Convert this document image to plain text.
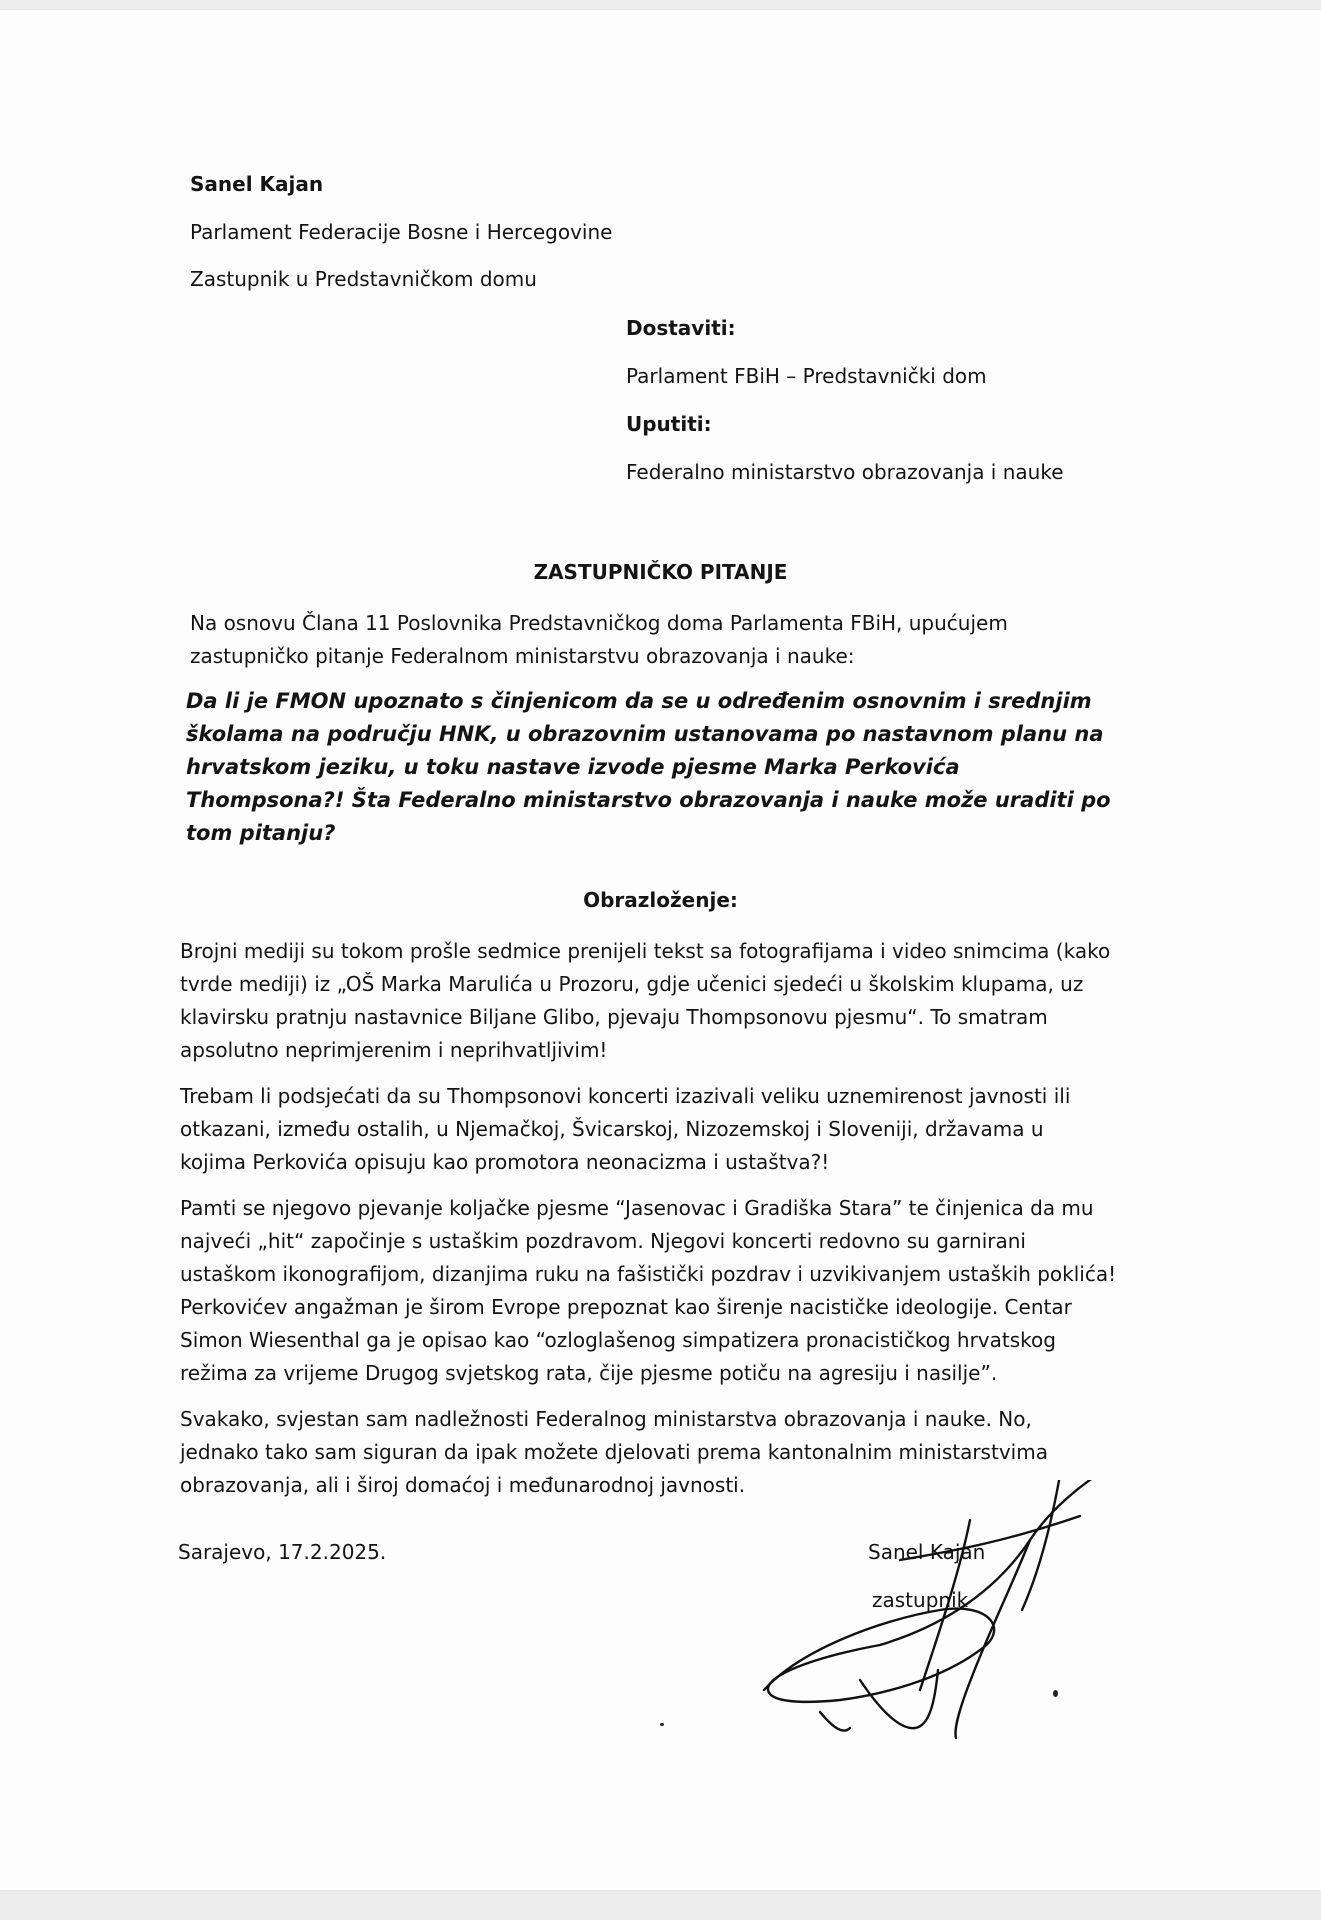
Sanel Kajan

Parlament Federacije Bosne i Hercegovine

Zastupnik u Predstavničkom domu

Dostaviti:

Parlament FBiH – Predstavnički dom

Uputiti:

Federalno ministarstvo obrazovanja i nauke

ZASTUPNIČKO PITANJE

Na osnovu Člana 11 Poslovnika Predstavničkog doma Parlamenta FBiH, upućujem zastupničko pitanje Federalnom ministarstvu obrazovanja i nauke:

Da li je FMON upoznato s činjenicom da se u određenim osnovnim i srednjim školama na području HNK, u obrazovnim ustanovama po nastavnom planu na hrvatskom jeziku, u toku nastave izvode pjesme Marka Perkovića Thompsona?! Šta Federalno ministarstvo obrazovanja i nauke može uraditi po tom pitanju?

Obrazloženje:

Brojni mediji su tokom prošle sedmice prenijeli tekst sa fotografijama i video snimcima (kako tvrde mediji) iz „OŠ Marka Marulića u Prozoru, gdje učenici sjedeći u školskim klupama, uz klavirsku pratnju nastavnice Biljane Glibo, pjevaju Thompsonovu pjesmu“. To smatram apsolutno neprimjerenim i neprihvatljivim!

Trebam li podsjećati da su Thompsonovi koncerti izazivali veliku uznemirenost javnosti ili otkazani, između ostalih, u Njemačkoj, Švicarskoj, Nizozemskoj i Sloveniji, državama u kojima Perkovića opisuju kao promotora neonacizma i ustaštva?!

Pamti se njegovo pjevanje koljačke pjesme “Jasenovac i Gradiška Stara” te činjenica da mu najveći „hit“ započinje s ustaškim pozdravom. Njegovi koncerti redovno su garnirani ustaškom ikonografijom, dizanjima ruku na fašistički pozdrav i uzvikivanjem ustaških poklića! Perkovićev angažman je širom Evrope prepoznat kao širenje nacističke ideologije. Centar Simon Wiesenthal ga je opisao kao “ozloglašenog simpatizera pronacističkog hrvatskog režima za vrijeme Drugog svjetskog rata, čije pjesme potiču na agresiju i nasilje”.

Svakako, svjestan sam nadležnosti Federalnog ministarstva obrazovanja i nauke. No, jednako tako sam siguran da ipak možete djelovati prema kantonalnim ministarstvima obrazovanja, ali i široj domaćoj i međunarodnoj javnosti.

Sarajevo, 17.2.2025.	Sanel Kajan

zastupnik
